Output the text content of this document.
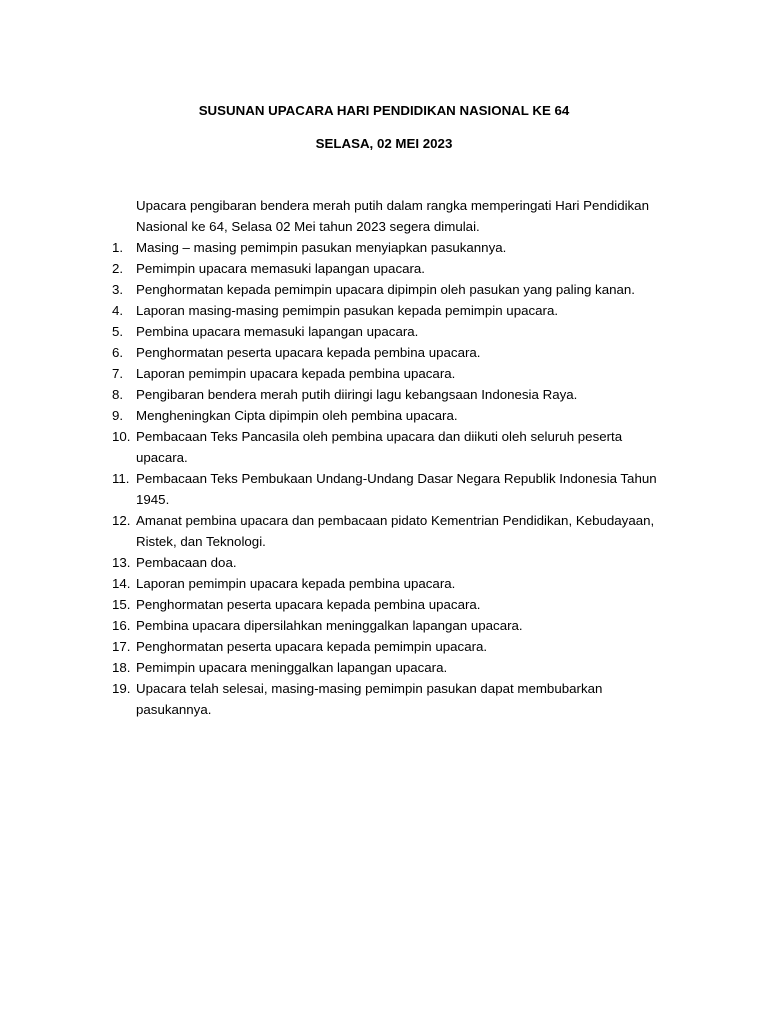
SUSUNAN UPACARA HARI PENDIDIKAN NASIONAL KE 64
SELASA, 02 MEI 2023

Upacara pengibaran bendera merah putih dalam rangka memperingati Hari Pendidikan Nasional ke 64, Selasa 02 Mei tahun 2023 segera dimulai.

1. Masing – masing pemimpin pasukan menyiapkan pasukannya.
2. Pemimpin upacara memasuki lapangan upacara.
3. Penghormatan kepada pemimpin upacara dipimpin oleh pasukan yang paling kanan.
4. Laporan masing-masing pemimpin pasukan kepada pemimpin upacara.
5. Pembina upacara memasuki lapangan upacara.
6. Penghormatan peserta upacara kepada pembina upacara.
7. Laporan pemimpin upacara kepada pembina upacara.
8. Pengibaran bendera merah putih diiringi lagu kebangsaan Indonesia Raya.
9. Mengheningkan Cipta dipimpin oleh pembina upacara.
10. Pembacaan Teks Pancasila oleh pembina upacara dan diikuti oleh seluruh peserta upacara.
11. Pembacaan Teks Pembukaan Undang-Undang Dasar Negara Republik Indonesia Tahun 1945.
12. Amanat pembina upacara dan pembacaan pidato Kementrian Pendidikan, Kebudayaan, Ristek, dan Teknologi.
13. Pembacaan doa.
14. Laporan pemimpin upacara kepada pembina upacara.
15. Penghormatan peserta upacara kepada pembina upacara.
16. Pembina upacara dipersilahkan meninggalkan lapangan upacara.
17. Penghormatan peserta upacara kepada pemimpin upacara.
18. Pemimpin upacara meninggalkan lapangan upacara.
19. Upacara telah selesai, masing-masing pemimpin pasukan dapat membubarkan pasukannya.
